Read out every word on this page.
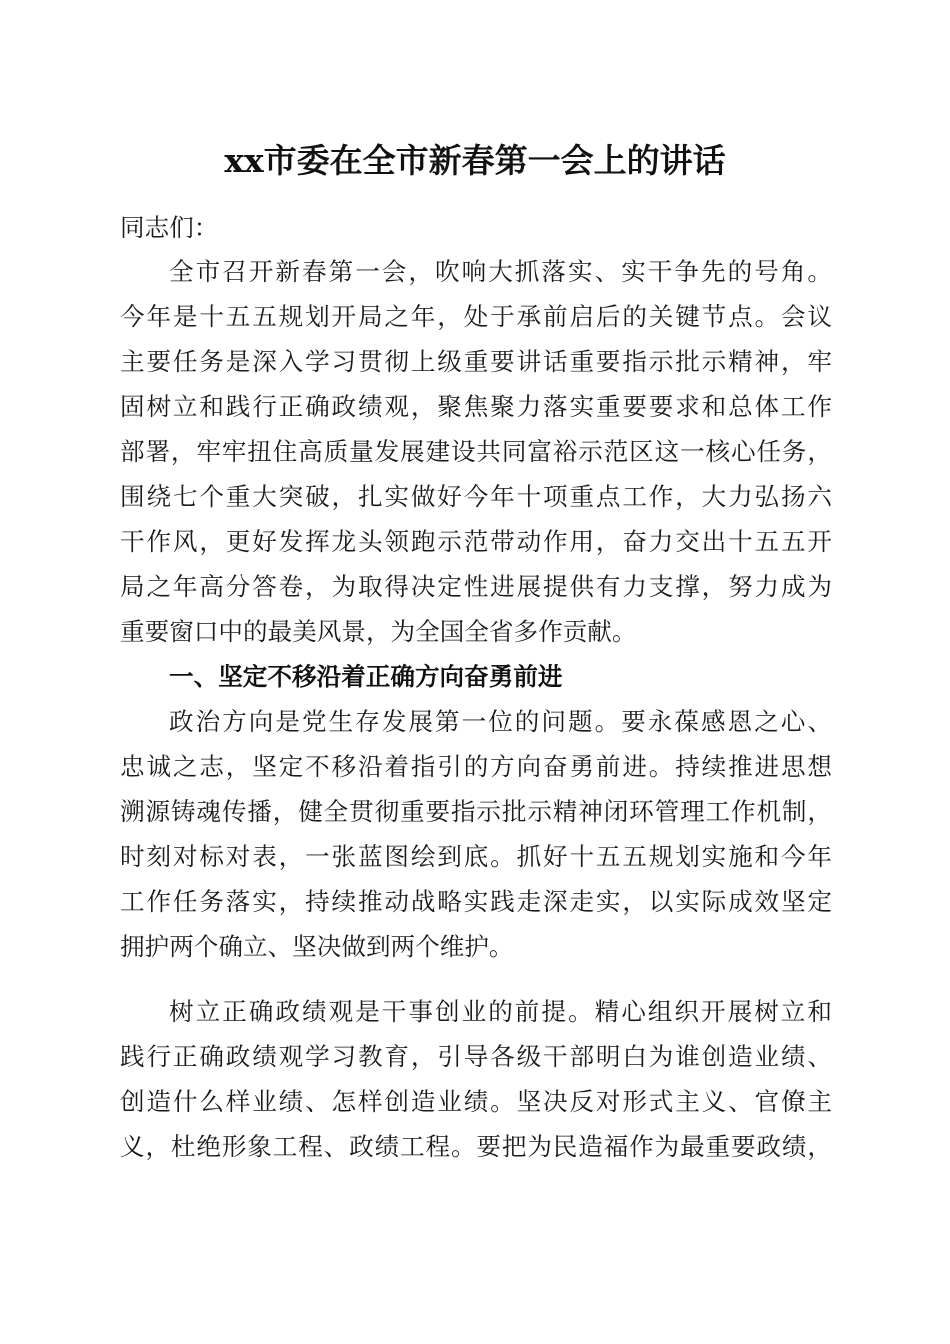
xx市委在全市新春第一会上的讲话
同志们：
全市召开新春第一会，吹响大抓落实、实干争先的号角。
今年是十五五规划开局之年，处于承前启后的关键节点。会议
主要任务是深入学习贯彻上级重要讲话重要指示批示精神，牢
固树立和践行正确政绩观，聚焦聚力落实重要要求和总体工作
部署，牢牢扭住高质量发展建设共同富裕示范区这一核心任务，
围绕七个重大突破，扎实做好今年十项重点工作，大力弘扬六
干作风，更好发挥龙头领跑示范带动作用，奋力交出十五五开
局之年高分答卷，为取得决定性进展提供有力支撑，努力成为
重要窗口中的最美风景，为全国全省多作贡献。
一、坚定不移沿着正确方向奋勇前进
政治方向是党生存发展第一位的问题。要永葆感恩之心、
忠诚之志，坚定不移沿着指引的方向奋勇前进。持续推进思想
溯源铸魂传播，健全贯彻重要指示批示精神闭环管理工作机制，
时刻对标对表，一张蓝图绘到底。抓好十五五规划实施和今年
工作任务落实，持续推动战略实践走深走实，以实际成效坚定
拥护两个确立、坚决做到两个维护。
树立正确政绩观是干事创业的前提。精心组织开展树立和
践行正确政绩观学习教育，引导各级干部明白为谁创造业绩、
创造什么样业绩、怎样创造业绩。坚决反对形式主义、官僚主
义，杜绝形象工程、政绩工程。要把为民造福作为最重要政绩，
